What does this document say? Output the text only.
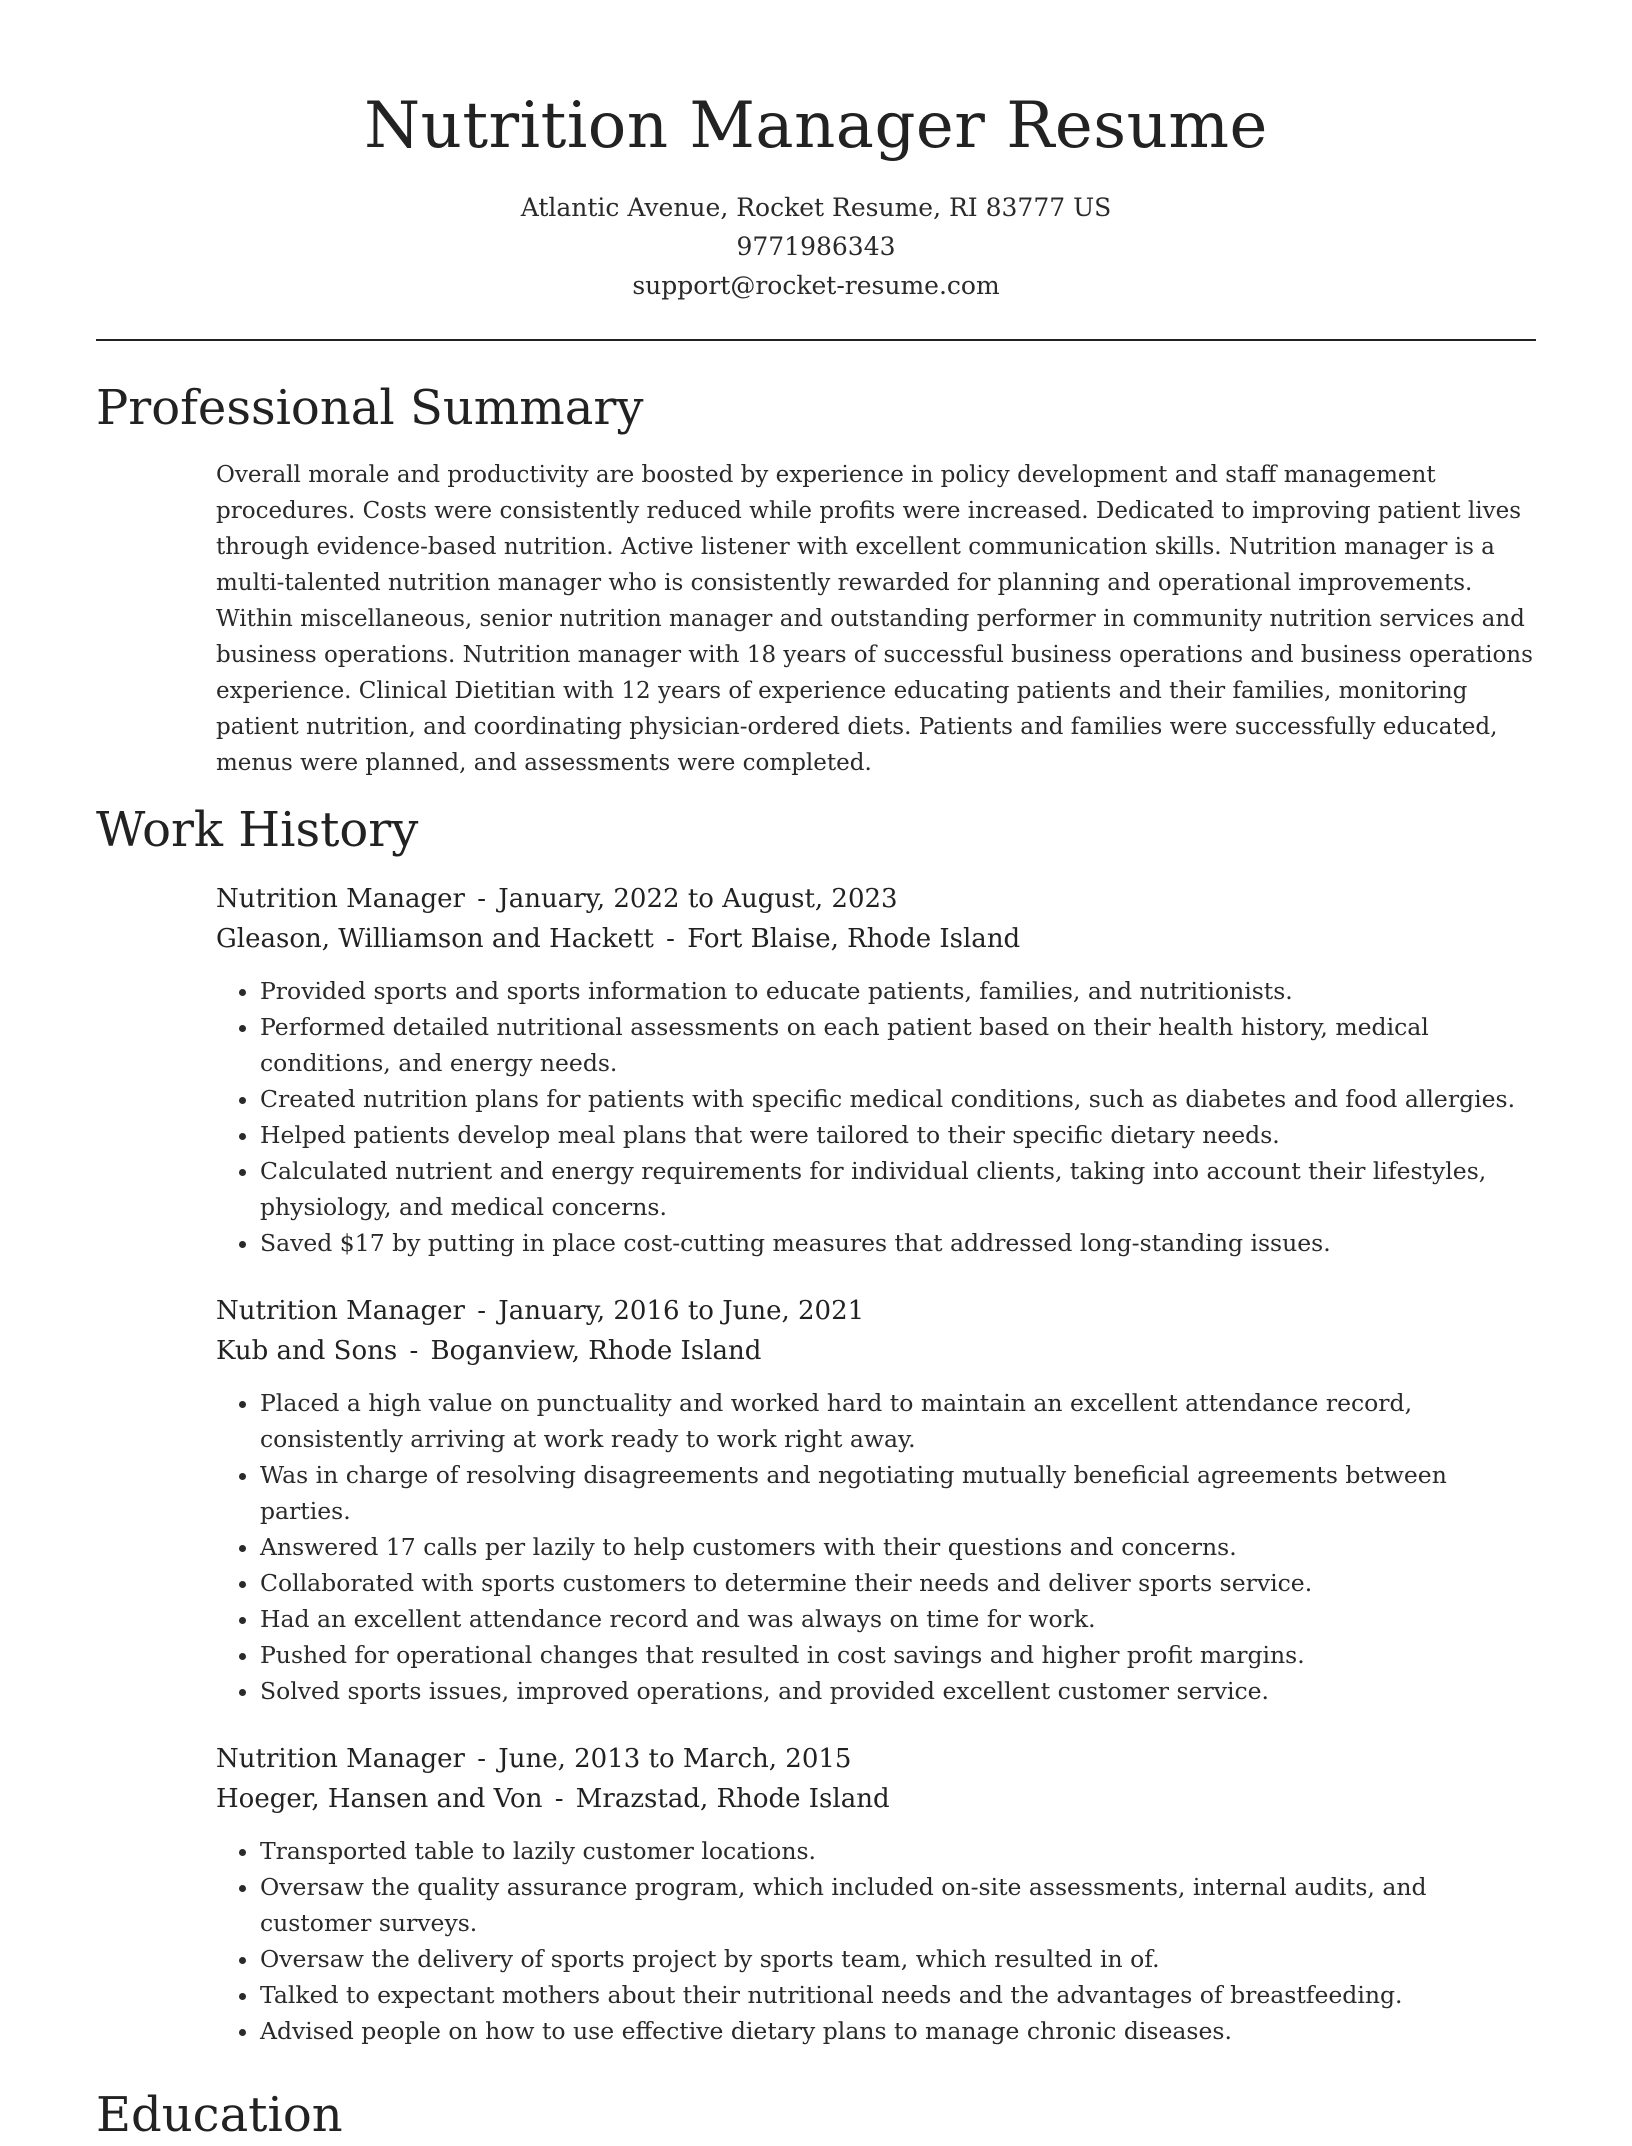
Nutrition Manager Resume
Atlantic Avenue, Rocket Resume, RI 83777 US
9771986343
support@rocket-resume.com
Professional Summary

Overall morale and productivity are boosted by experience in policy development and staff management procedures. Costs were consistently reduced while profits were increased. Dedicated to improving patient lives through evidence-based nutrition. Active listener with excellent communication skills. Nutrition manager is a multi-talented nutrition manager who is consistently rewarded for planning and operational improvements. Within miscellaneous, senior nutrition manager and outstanding performer in community nutrition services and business operations. Nutrition manager with 18 years of successful business operations and business operations experience. Clinical Dietitian with 12 years of experience educating patients and their families, monitoring patient nutrition, and coordinating physician-ordered diets. Patients and families were successfully educated, menus were planned, and assessments were completed.

Work History
Nutrition Manager - January, 2022 to August, 2023
Gleason, Williamson and Hackett - Fort Blaise, Rhode Island
• Provided sports and sports information to educate patients, families, and nutritionists.
• Performed detailed nutritional assessments on each patient based on their health history, medical conditions, and energy needs.
• Created nutrition plans for patients with specific medical conditions, such as diabetes and food allergies.
• Helped patients develop meal plans that were tailored to their specific dietary needs.
• Calculated nutrient and energy requirements for individual clients, taking into account their lifestyles, physiology, and medical concerns.
• Saved $17 by putting in place cost-cutting measures that addressed long-standing issues.
Nutrition Manager - January, 2016 to June, 2021
Kub and Sons - Boganview, Rhode Island
• Placed a high value on punctuality and worked hard to maintain an excellent attendance record, consistently arriving at work ready to work right away.
• Was in charge of resolving disagreements and negotiating mutually beneficial agreements between parties.
• Answered 17 calls per lazily to help customers with their questions and concerns.
• Collaborated with sports customers to determine their needs and deliver sports service.
• Had an excellent attendance record and was always on time for work.
• Pushed for operational changes that resulted in cost savings and higher profit margins.
• Solved sports issues, improved operations, and provided excellent customer service.
Nutrition Manager - June, 2013 to March, 2015
Hoeger, Hansen and Von - Mrazstad, Rhode Island
• Transported table to lazily customer locations.
• Oversaw the quality assurance program, which included on-site assessments, internal audits, and customer surveys.
• Oversaw the delivery of sports project by sports team, which resulted in of.
• Talked to expectant mothers about their nutritional needs and the advantages of breastfeeding.
• Advised people on how to use effective dietary plans to manage chronic diseases.
Education
